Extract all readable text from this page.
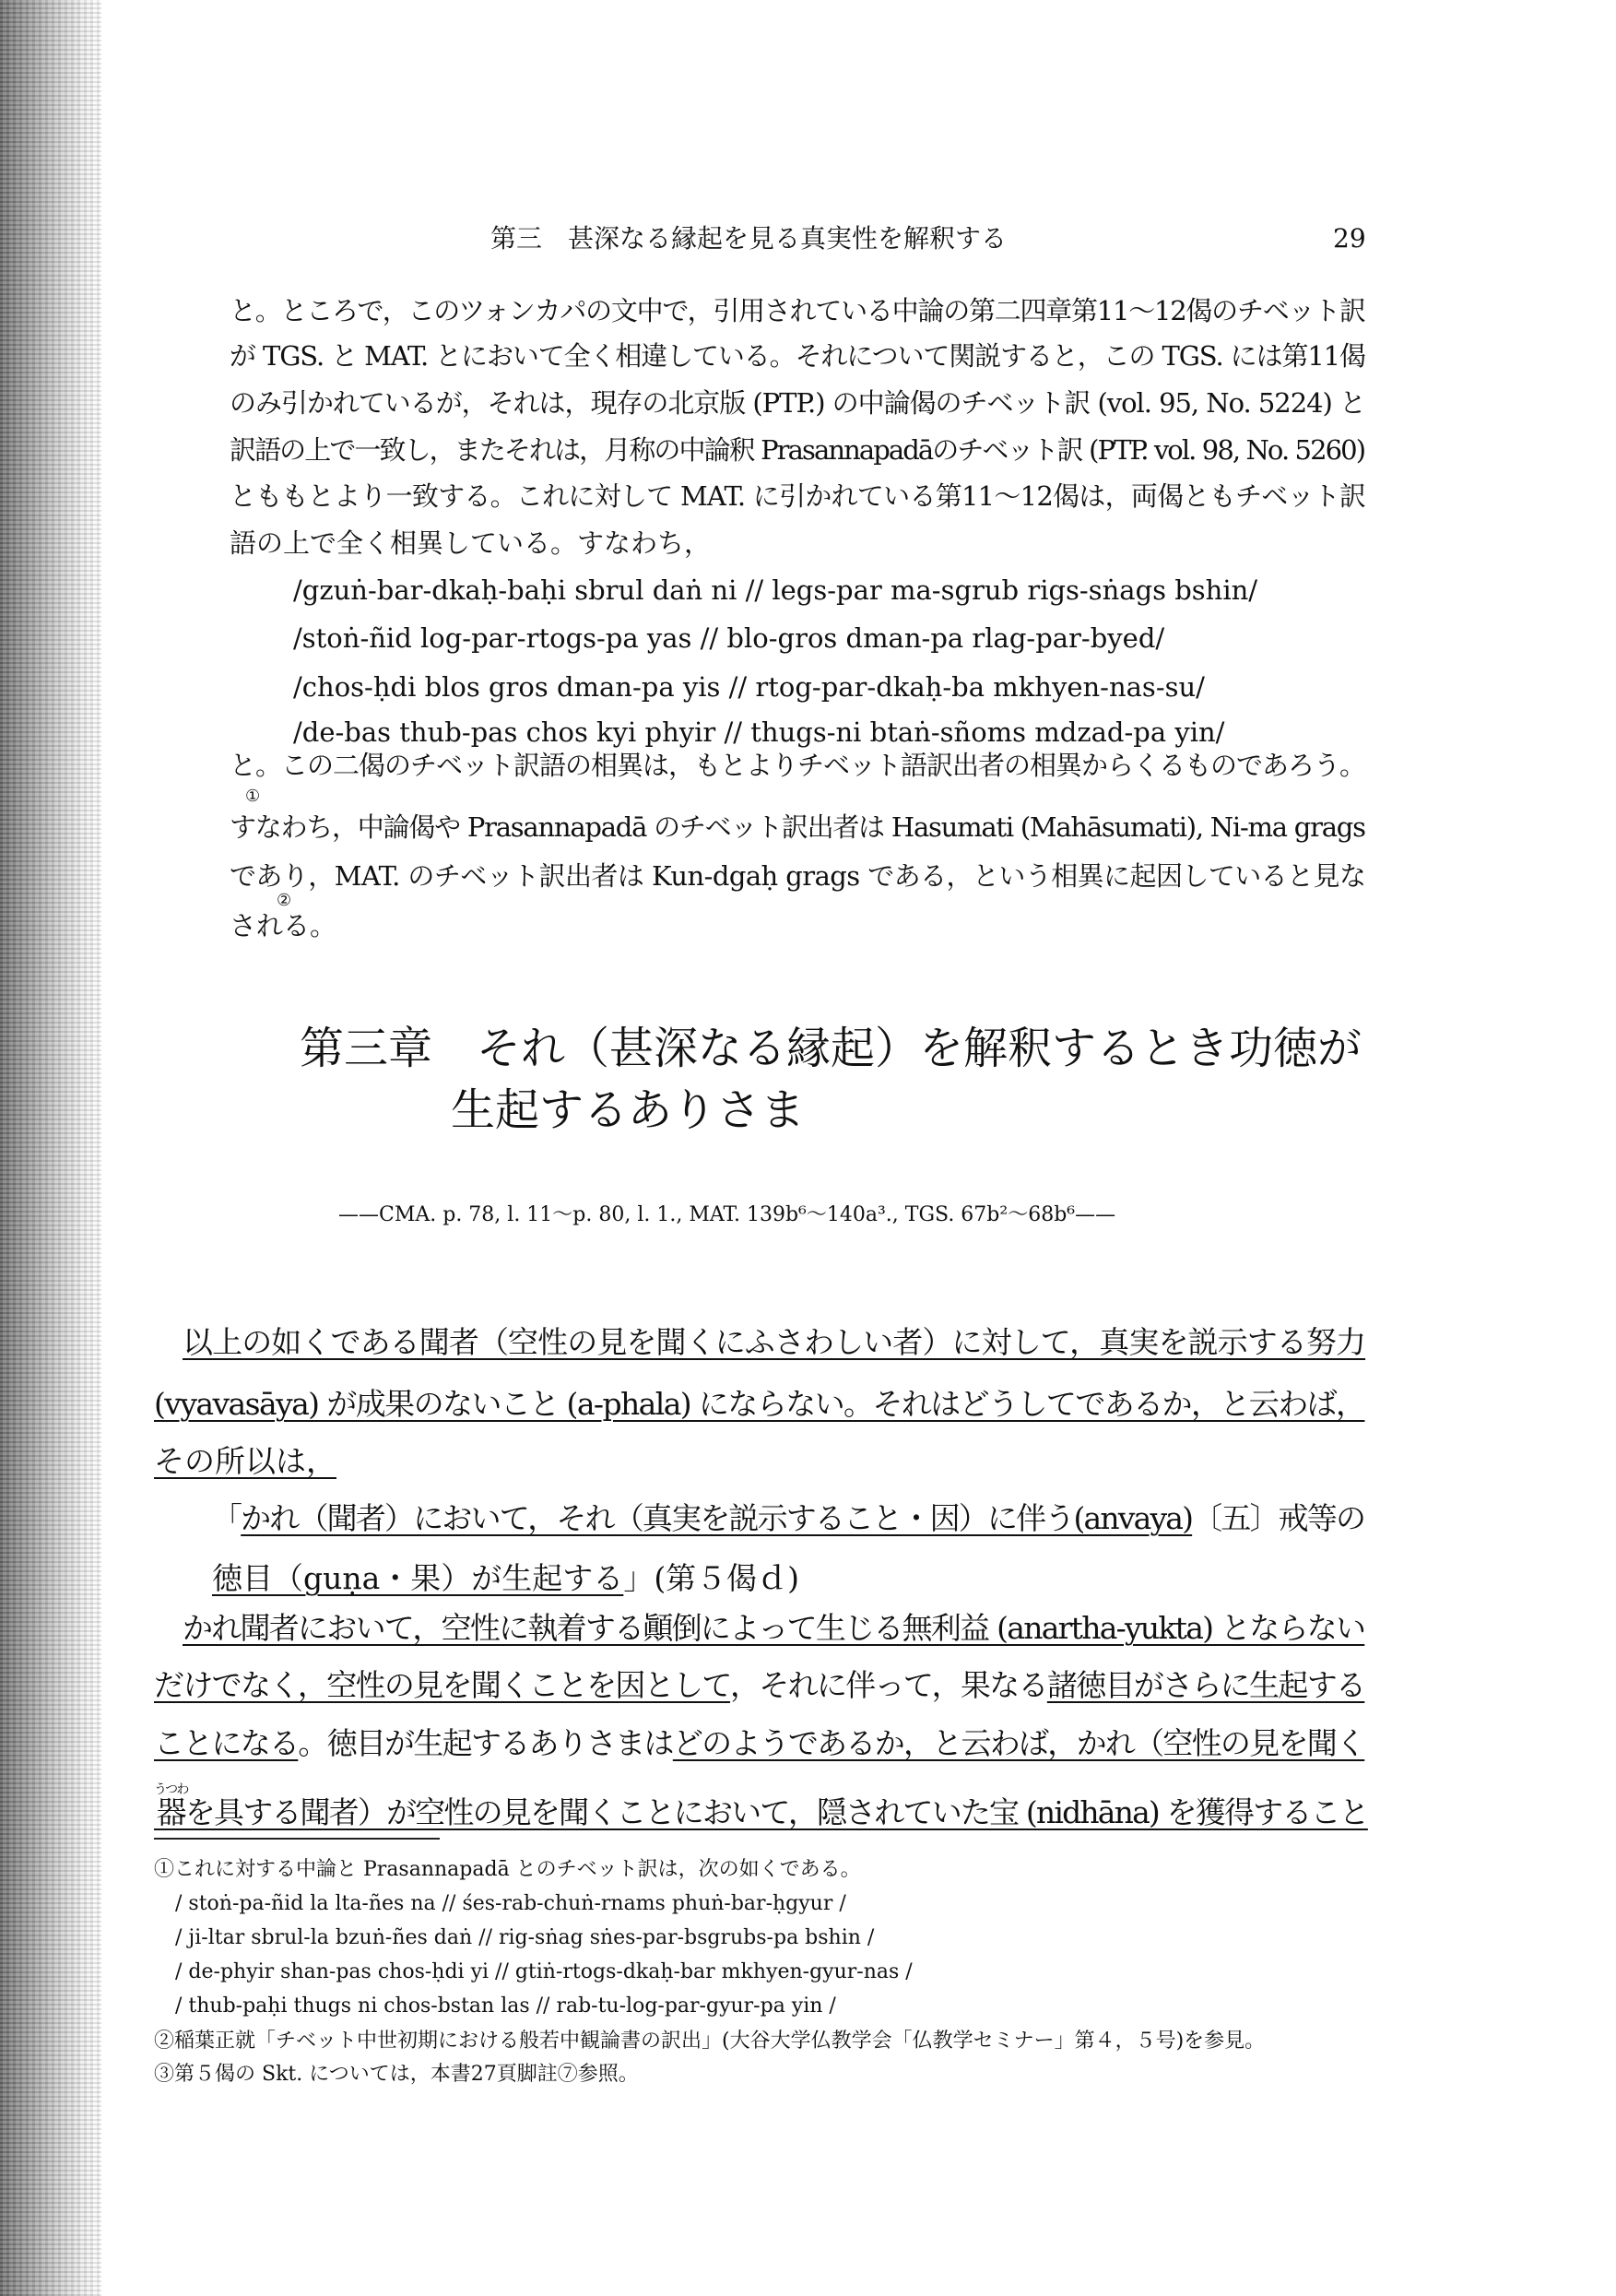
第三　甚深なる縁起を見る真実性を解釈する	29
と。ところで，このツォンカパの文中で，引用されている中論の第二四章第11〜12偈のチベット訳
が TGS. と MAT. とにおいて全く相違している。それについて関説すると，この TGS. には第11偈
のみ引かれているが，それは，現存の北京版 (PTP.) の中論偈のチベット訳 (vol. 95, No. 5224) と
訳語の上で一致し，またそれは，月称の中論釈 Prasannapadāのチベット訳 (PTP. vol. 98, No. 5260)
とももとより一致する。これに対して MAT. に引かれている第11〜12偈は，両偈ともチベット訳
語の上で全く相異している。すなわち，
/gzuṅ-bar-dkaḥ-baḥi sbrul daṅ ni // legs-par ma-sgrub rigs-sṅags bshin/
/stoṅ-ñid log-par-rtogs-pa yas // blo-gros dman-pa rlag-par-byed/
/chos-ḥdi blos gros dman-pa yis // rtog-par-dkaḥ-ba mkhyen-nas-su/
/de-bas thub-pas chos kyi phyir // thugs-ni btaṅ-sñoms mdzad-pa yin/
と。この二偈のチベット訳語の相異は，もとよりチベット語訳出者の相異からくるものであろう。
①
すなわち，中論偈や Prasannapadā のチベット訳出者は Hasumati (Mahāsumati), Ni-ma grags
であり，MAT. のチベット訳出者は Kun-dgaḥ grags である，という相異に起因していると見な
②
される。
第三章　それ（甚深なる縁起）を解釈するとき功徳が
生起するありさま
——CMA. p. 78, l. 11〜p. 80, l. 1., MAT. 139b⁶〜140a³., TGS. 67b²〜68b⁶——
以上の如くである聞者（空性の見を聞くにふさわしい者）に対して，真実を説示する努力
(vyavasāya) が成果のないこと (a-phala) にならない。それはどうしてであるか，と云わば，
その所以は，
「かれ（聞者）において，それ（真実を説示すること・因）に伴う(anvaya)〔五〕戒等の
徳目（guṇa・果）が生起する」(第５偈ｄ)
かれ聞者において，空性に執着する顚倒によって生じる無利益 (anartha-yukta) とならない
だけでなく，空性の見を聞くことを因として，それに伴って，果なる諸徳目がさらに生起する
ことになる。徳目が生起するありさまはどのようであるか，と云わば，かれ（空性の見を聞く
器うつわを具する聞者）が空性の見を聞くことにおいて，隠されていた宝 (nidhāna) を獲得すること
①これに対する中論と Prasannapadā とのチベット訳は，次の如くである。
/ stoṅ-pa-ñid la lta-ñes na // śes-rab-chuṅ-rnams phuṅ-bar-ḥgyur /
/ ji-ltar sbrul-la bzuṅ-ñes daṅ // rig-sṅag sṅes-par-bsgrubs-pa bshin /
/ de-phyir shan-pas chos-ḥdi yi // gtiṅ-rtogs-dkaḥ-bar mkhyen-gyur-nas /
/ thub-paḥi thugs ni chos-bstan las // rab-tu-log-par-gyur-pa yin /
②稲葉正就「チベット中世初期における般若中観論書の訳出」(大谷大学仏教学会「仏教学セミナー」第４，５号)を参見。
③第５偈の Skt. については，本書27頁脚註⑦参照。
